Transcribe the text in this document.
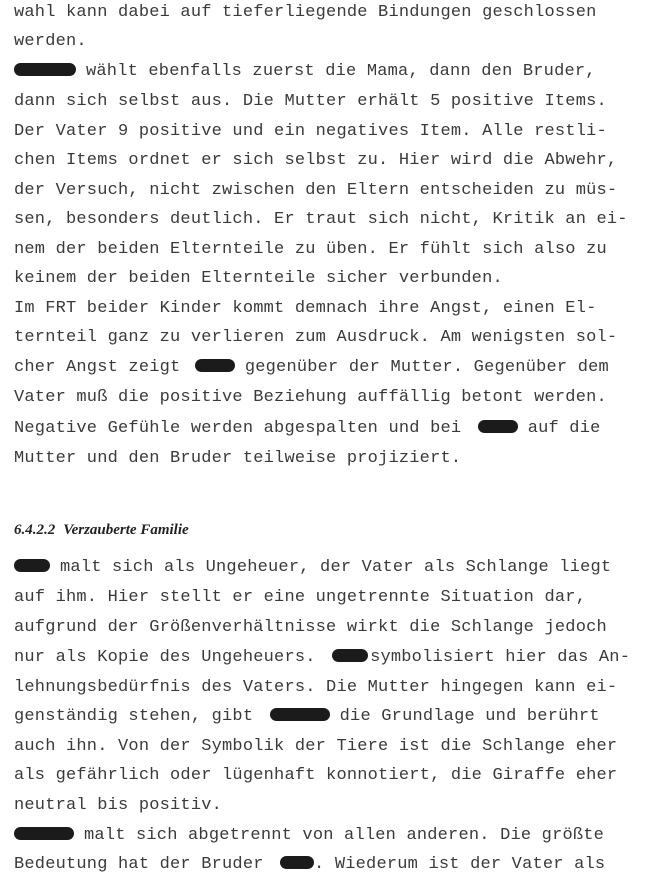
wahl kann dabei auf tieferliegende Bindungen geschlossen
werden.
wählt ebenfalls zuerst die Mama, dann den Bruder,
dann sich selbst aus. Die Mutter erhält 5 positive Items.
Der Vater 9 positive und ein negatives Item. Alle restli-
chen Items ordnet er sich selbst zu. Hier wird die Abwehr,
der Versuch, nicht zwischen den Eltern entscheiden zu müs-
sen, besonders deutlich. Er traut sich nicht, Kritik an ei-
nem der beiden Elternteile zu üben. Er fühlt sich also zu
keinem der beiden Elternteile sicher verbunden.
Im FRT beider Kinder kommt demnach ihre Angst, einen El-
ternteil ganz zu verlieren zum Ausdruck. Am wenigsten sol-
cher Angst zeigt	gegenüber der Mutter. Gegenüber dem
Vater muß die positive Beziehung auffällig betont werden.
Negative Gefühle werden abgespalten und bei	auf die
Mutter und den Bruder teilweise projiziert.
6.4.2.2 Verzauberte Familie
malt sich als Ungeheuer, der Vater als Schlange liegt
auf ihm. Hier stellt er eine ungetrennte Situation dar,
aufgrund der Größenverhältnisse wirkt die Schlange jedoch
nur als Kopie des Ungeheuers.	symbolisiert hier das An-
lehnungsbedürfnis des Vaters. Die Mutter hingegen kann ei-
genständig stehen, gibt	die Grundlage und berührt
auch ihn. Von der Symbolik der Tiere ist die Schlange eher
als gefährlich oder lügenhaft konnotiert, die Giraffe eher
neutral bis positiv.
malt sich abgetrennt von allen anderen. Die größte
Bedeutung hat der Bruder	. Wiederum ist der Vater als
